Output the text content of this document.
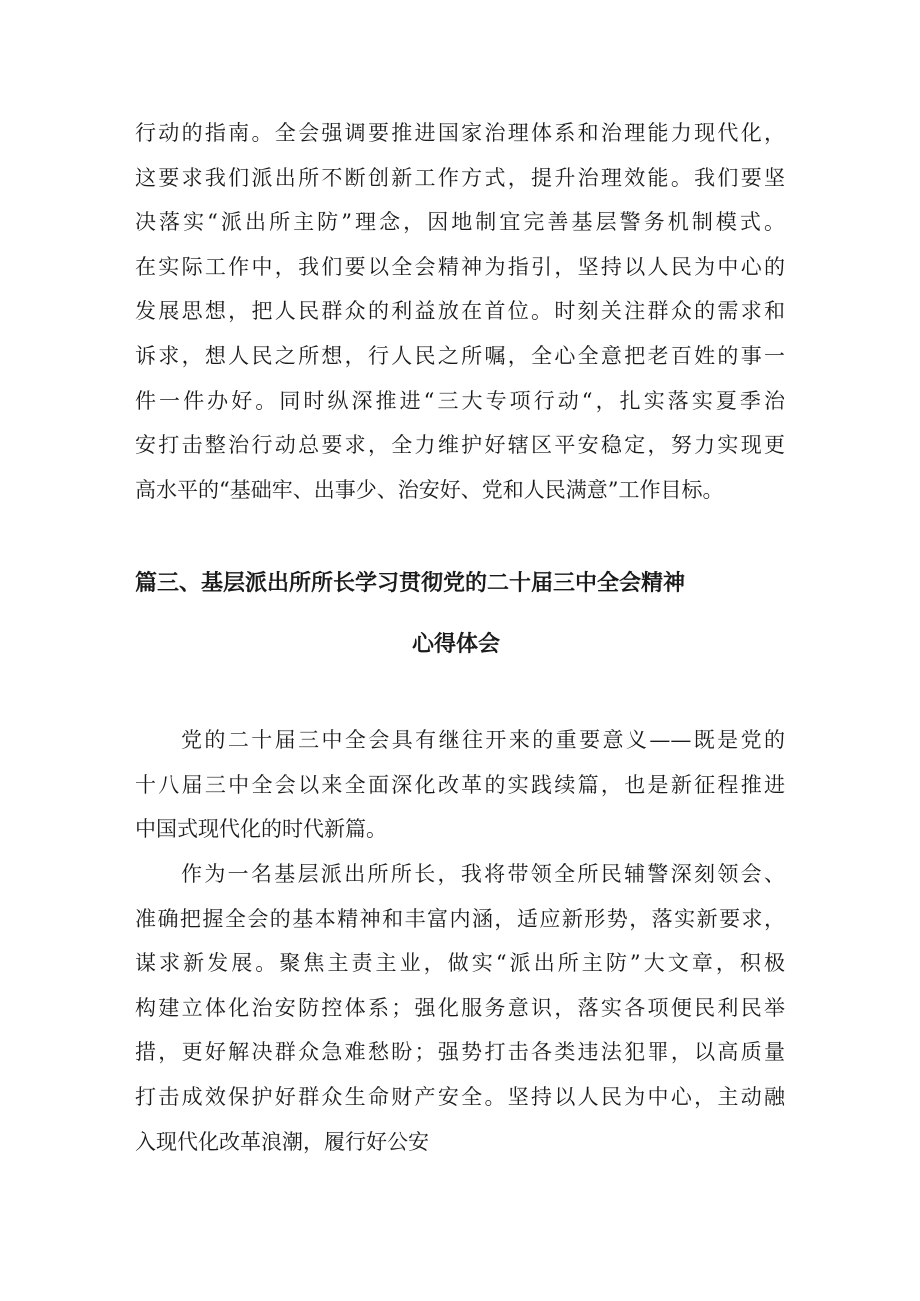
行动的指南。全会强调要推进国家治理体系和治理能力现代化，
这要求我们派出所不断创新工作方式，提升治理效能。我们要坚
决落实“派出所主防”理念，因地制宜完善基层警务机制模式。
在实际工作中，我们要以全会精神为指引，坚持以人民为中心的
发展思想，把人民群众的利益放在首位。时刻关注群众的需求和
诉求，想人民之所想，行人民之所嘱，全心全意把老百姓的事一
件一件办好。同时纵深推进“三大专项行动“，扎实落实夏季治
安打击整治行动总要求，全力维护好辖区平安稳定，努力实现更
高水平的“基础牢、出事少、治安好、党和人民满意”工作目标。
篇三、基层派出所所长学习贯彻党的二十届三中全会精神
心得体会
党的二十届三中全会具有继往开来的重要意义——既是党的
十八届三中全会以来全面深化改革的实践续篇，也是新征程推进
中国式现代化的时代新篇。
作为一名基层派出所所长，我将带领全所民辅警深刻领会、
准确把握全会的基本精神和丰富内涵，适应新形势，落实新要求，
谋求新发展。聚焦主责主业，做实“派出所主防”大文章，积极
构建立体化治安防控体系；强化服务意识，落实各项便民利民举
措，更好解决群众急难愁盼；强势打击各类违法犯罪，以高质量
打击成效保护好群众生命财产安全。坚持以人民为中心，主动融
入现代化改革浪潮，履行好公安
